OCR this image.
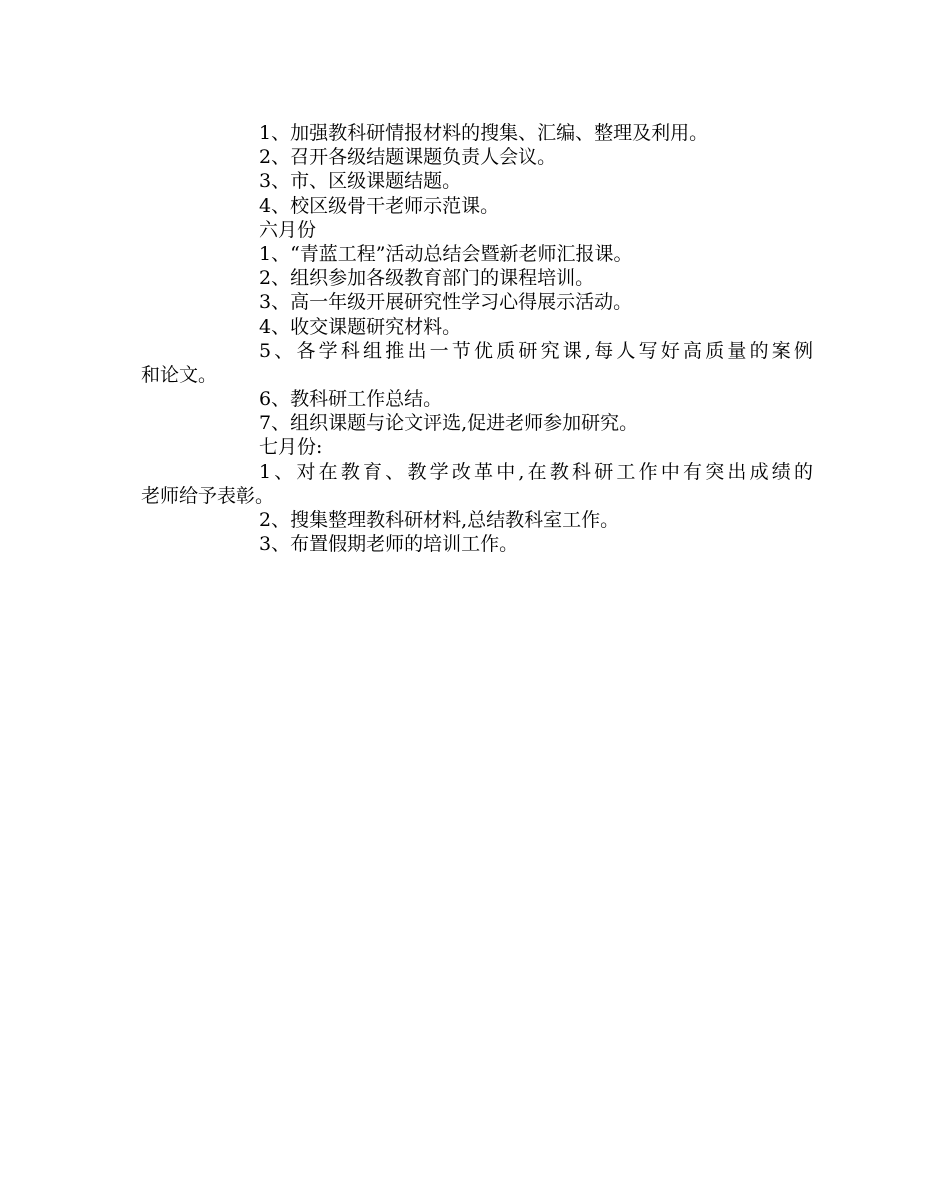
1、加强教科研情报材料的搜集、汇编、整理及利用。
2、召开各级结题课题负责人会议。
3、市、区级课题结题。
4、校区级骨干老师示范课。
六月份
1、“青蓝工程”活动总结会暨新老师汇报课。
2、组织参加各级教育部门的课程培训。
3、高一年级开展研究性学习心得展示活动。
4、收交课题研究材料。
5、各学科组推出一节优质研究课,每人写好高质量的案例
和论文。
6、教科研工作总结。
7、组织课题与论文评选,促进老师参加研究。
七月份:
1、对在教育、教学改革中,在教科研工作中有突出成绩的
老师给予表彰。
2、搜集整理教科研材料,总结教科室工作。
3、布置假期老师的培训工作。
